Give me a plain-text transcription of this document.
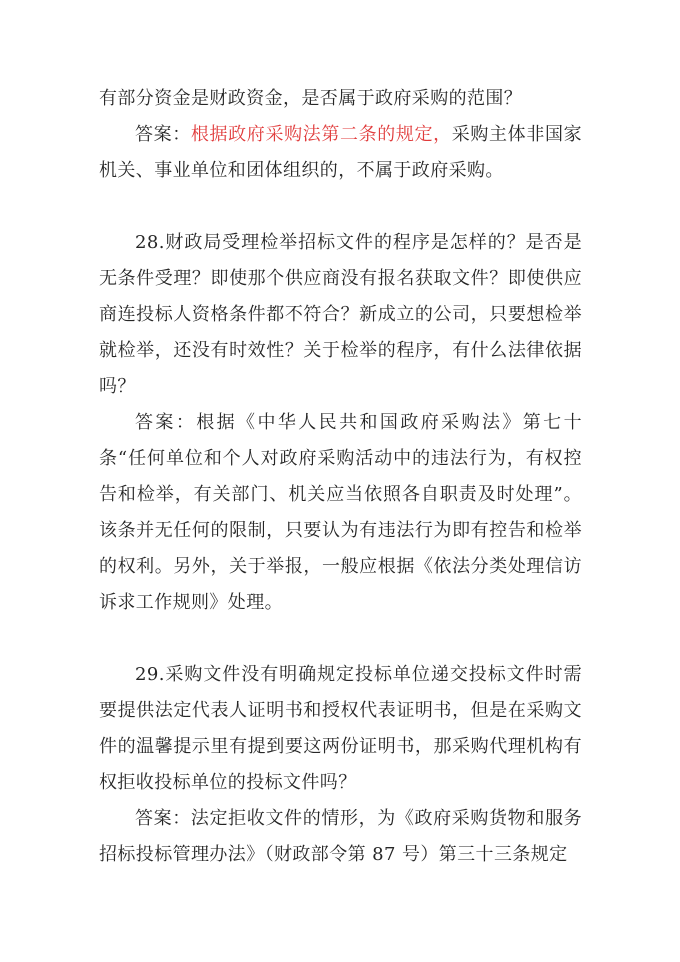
有部分资金是财政资金，是否属于政府采购的范围？

答案：根据政府采购法第二条的规定，采购主体非国家机关、事业单位和团体组织的，不属于政府采购。

28.财政局受理检举招标文件的程序是怎样的？是否是无条件受理？即使那个供应商没有报名获取文件？即使供应商连投标人资格条件都不符合？新成立的公司，只要想检举就检举，还没有时效性？关于检举的程序，有什么法律依据吗？

答案：根据《中华人民共和国政府采购法》第七十条“任何单位和个人对政府采购活动中的违法行为，有权控告和检举，有关部门、机关应当依照各自职责及时处理”。该条并无任何的限制，只要认为有违法行为即有控告和检举的权利。另外，关于举报，一般应根据《依法分类处理信访诉求工作规则》处理。

29.采购文件没有明确规定投标单位递交投标文件时需要提供法定代表人证明书和授权代表证明书，但是在采购文件的温馨提示里有提到要这两份证明书，那采购代理机构有权拒收投标单位的投标文件吗？

答案：法定拒收文件的情形，为《政府采购货物和服务招标投标管理办法》（财政部令第 87 号）第三十三条规定
